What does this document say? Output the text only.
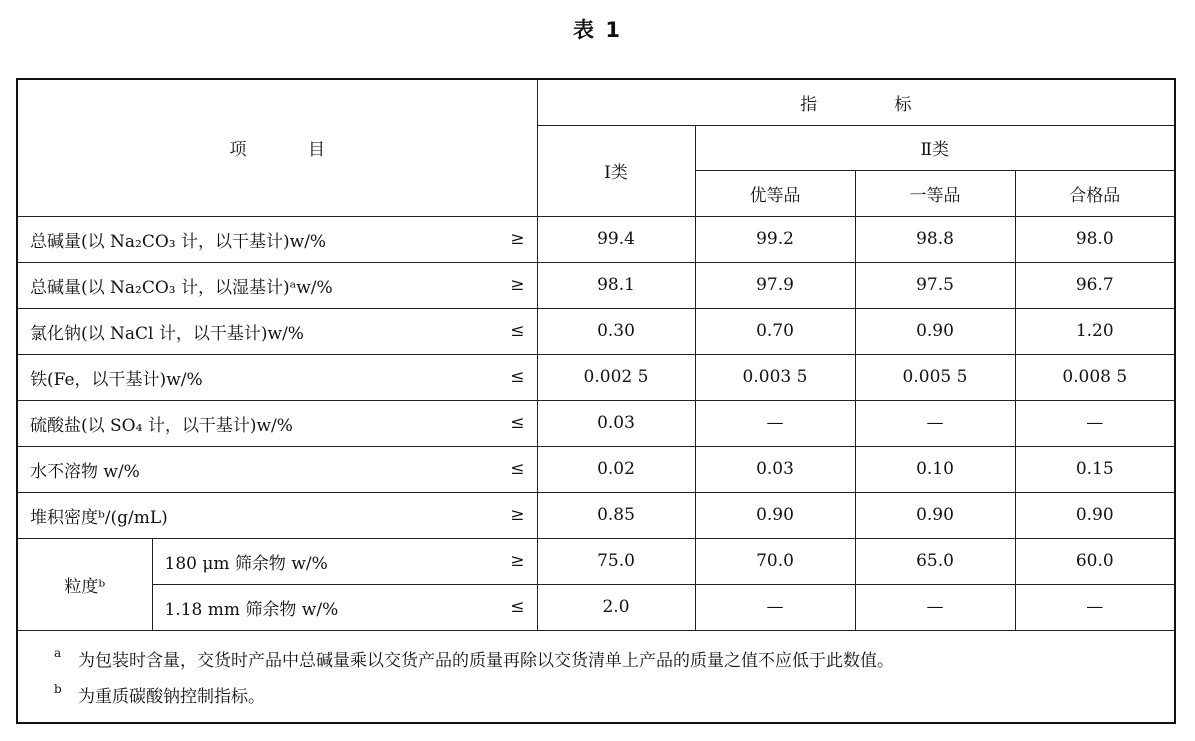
表 1
项 目			指 标			
			Ⅰ类	Ⅱ类		
				优等品	一等品	合格品
总碱量(以 Na₂CO₃ 计，以干基计)w/%		≥	99.4	99.2	98.8	98.0
总碱量(以 Na₂CO₃ 计，以湿基计)ᵃw/%		≥	98.1	97.9	97.5	96.7
氯化钠(以 NaCl 计，以干基计)w/%		≤	0.30	0.70	0.90	1.20
铁(Fe，以干基计)w/%		≤	0.002 5	0.003 5	0.005 5	0.008 5
硫酸盐(以 SO₄ 计，以干基计)w/%		≤	0.03	—	—	—
水不溶物 w/%		≤	0.02	0.03	0.10	0.15
堆积密度ᵇ/(g/mL)		≥	0.85	0.90	0.90	0.90
粒度ᵇ	180 μm 筛余物 w/%	≥	75.0	70.0	65.0	60.0
	1.18 mm 筛余物 w/%	≤	2.0	—	—	—

a 为包装时含量，交货时产品中总碱量乘以交货产品的质量再除以交货清单上产品的质量之值不应低于此数值。
b 为重质碳酸钠控制指标。						
